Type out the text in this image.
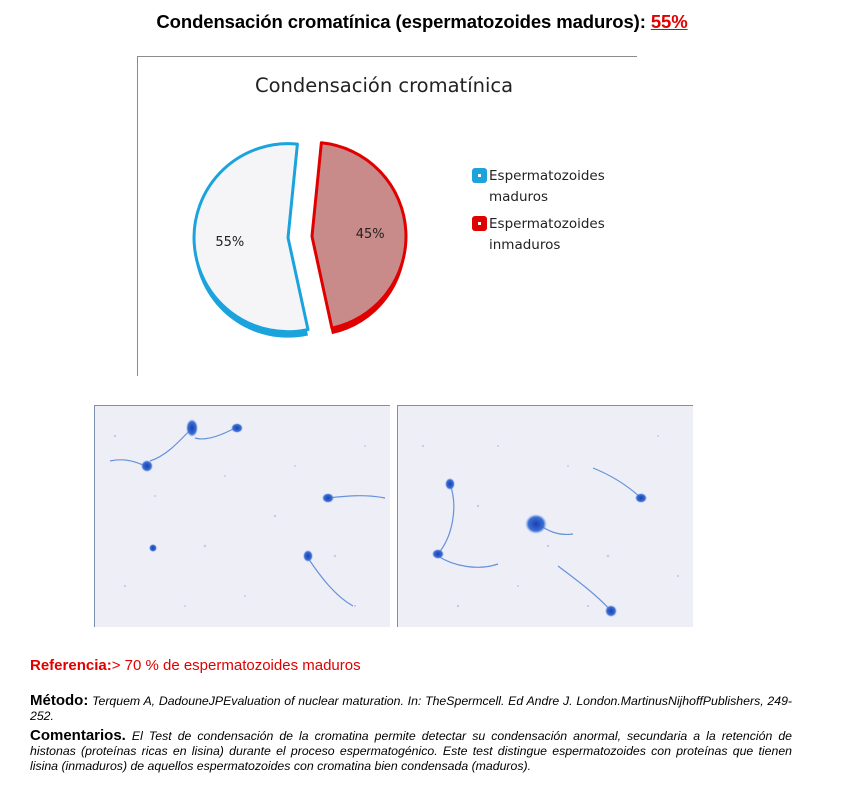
Condensación cromatínica (espermatozoides maduros): 55%
Condensación cromatínica
55%
45%
Espermatozoides
maduros
Espermatozoides
inmaduros
Referencia:> 70 % de espermatozoides maduros
Método: Terquem A, DadouneJPEvaluation of nuclear maturation. In: TheSpermcell. Ed Andre J. London.MartinusNijhoffPublishers, 249-252.
Comentarios. El Test de condensación de la cromatina permite detectar su condensación anormal, secundaria a la retención de histonas (proteínas ricas en lisina) durante el proceso espermatogénico. Este test distingue espermatozoides con proteínas que tienen lisina (inmaduros) de aquellos espermatozoides con cromatina bien condensada (maduros).
